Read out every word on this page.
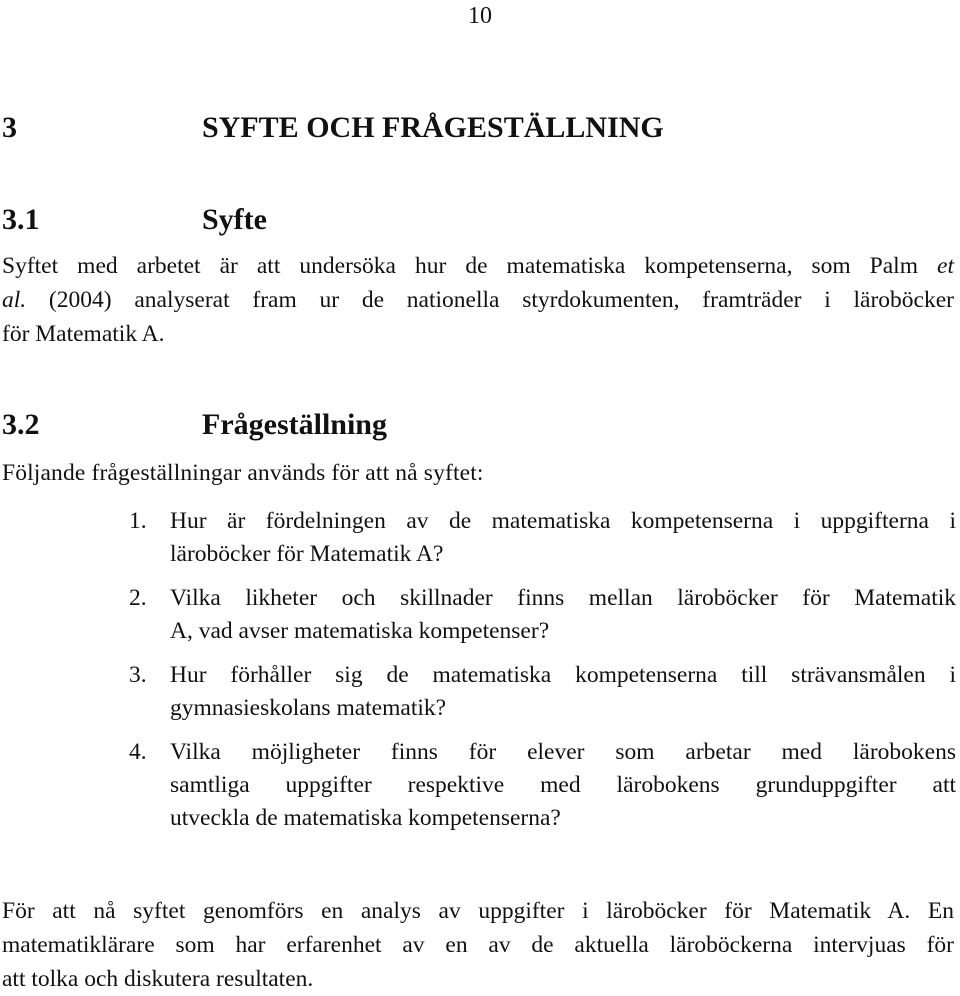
10
3	SYFTE OCH FRÅGESTÄLLNING
3.1	Syfte
Syftet med arbetet är att undersöka hur de matematiska kompetenserna, som Palm et
al. (2004) analyserat fram ur de nationella styrdokumenten, framträder i läroböcker
för Matematik A.
3.2	Frågeställning
Följande frågeställningar används för att nå syftet:
1. Hur är fördelningen av de matematiska kompetenserna i uppgifterna i
läroböcker för Matematik A?
2. Vilka likheter och skillnader finns mellan läroböcker för Matematik
A, vad avser matematiska kompetenser?
3. Hur förhåller sig de matematiska kompetenserna till strävansmålen i
gymnasieskolans matematik?
4. Vilka möjligheter finns för elever som arbetar med lärobokens
samtliga uppgifter respektive med lärobokens grunduppgifter att
utveckla de matematiska kompetenserna?
För att nå syftet genomförs en analys av uppgifter i läroböcker för Matematik A. En
matematiklärare som har erfarenhet av en av de aktuella läroböckerna intervjuas för
att tolka och diskutera resultaten.
